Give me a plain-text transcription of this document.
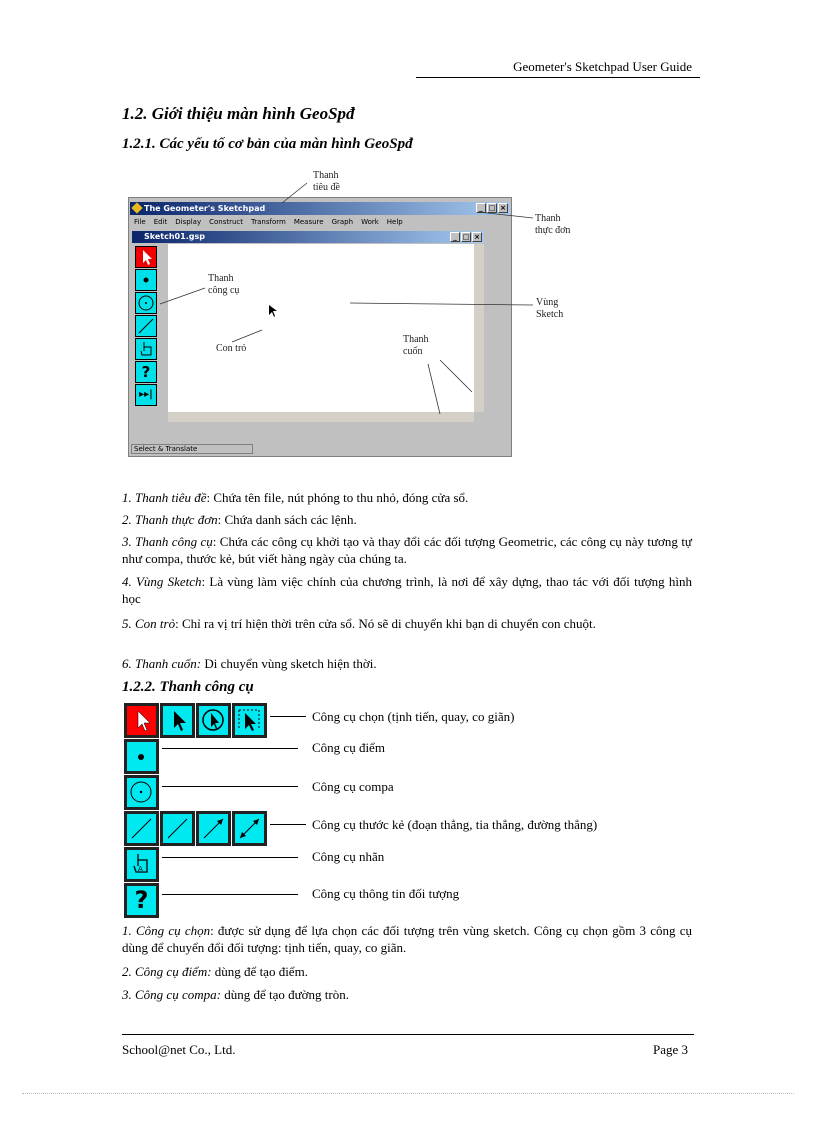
Geometer's Sketchpad User Guide
1.2. Giới thiệu màn hình GeoSpđ
1.2.1. Các yếu tố cơ bản của màn hình GeoSpđ
The Geometer's Sketchpad	_ □ ×
File Edit Display Construct Transform Measure Graph Work Help
Sketch01.gsp	_ □ ×
?
▸▸|
Select & Translate
Thanh
tiêu đề
Thanh
thực đơn
Thanh
công cụ
Vùng
Sketch
Con trỏ
Thanh
cuốn
1. Thanh tiêu đề: Chứa tên file, nút phóng to thu nhỏ, đóng cửa sổ.
2. Thanh thực đơn: Chứa danh sách các lệnh.
3. Thanh công cụ: Chứa các công cụ khởi tạo và thay đổi các đối tượng Geometric, các công cụ này tương tự như compa, thước kẻ, bút viết hàng ngày của chúng ta.
4. Vùng Sketch: Là vùng làm việc chính của chương trình, là nơi để xây dựng, thao tác với đối tượng hình học
5. Con trỏ: Chỉ ra vị trí hiện thời trên cửa sổ. Nó sẽ di chuyển khi bạn di chuyển con chuột.
6. Thanh cuốn: Di chuyển vùng sketch hiện thời.
1.2.2. Thanh công cụ
A
?
Công cụ chọn (tịnh tiến, quay, co giãn)
Công cụ điểm
Công cụ compa
Công cụ thước kẻ (đoạn thẳng, tia thẳng, đường thẳng)
Công cụ nhãn
Công cụ thông tin đối tượng
1. Công cụ chọn: được sử dụng để lựa chọn các đối tượng trên vùng sketch. Công cụ chọn gồm 3 công cụ dùng để chuyển đổi đối tượng: tịnh tiến, quay, co giãn.
2. Công cụ điểm: dùng để tạo điểm.
3. Công cụ compa: dùng để tạo đường tròn.
School@net Co., Ltd.	Page 3
